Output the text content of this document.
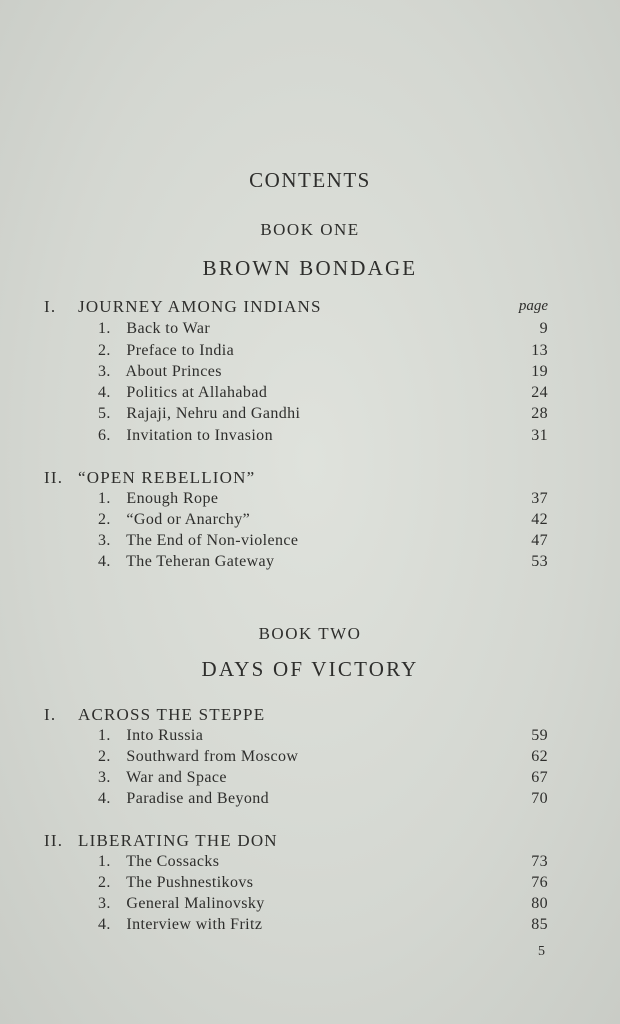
CONTENTS
BOOK ONE
BROWN BONDAGE
I. JOURNEY AMONG INDIANS	page
1. Back to War	9
2. Preface to India	13
3. About Princes	19
4. Politics at Allahabad	24
5. Rajaji, Nehru and Gandhi	28
6. Invitation to Invasion	31
II. “OPEN REBELLION”
1. Enough Rope	37
2. “God or Anarchy”	42
3. The End of Non-violence	47
4. The Teheran Gateway	53
BOOK TWO
DAYS OF VICTORY
I. ACROSS THE STEPPE
1. Into Russia	59
2. Southward from Moscow	62
3. War and Space	67
4. Paradise and Beyond	70
II. LIBERATING THE DON
1. The Cossacks	73
2. The Pushnestikovs	76
3. General Malinovsky	80
4. Interview with Fritz	85
5
